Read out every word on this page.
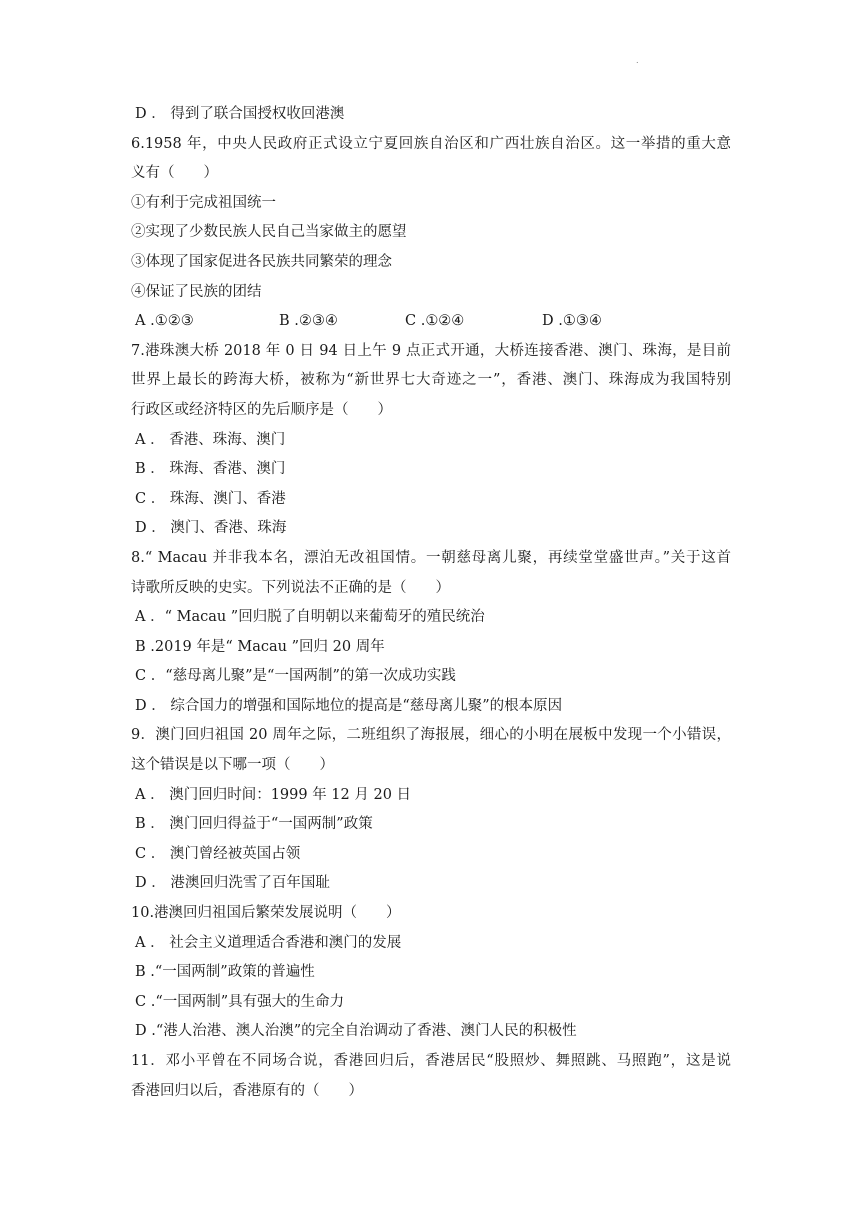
.
D ． 得到了联合国授权收回港澳
6.1958 年，中央人民政府正式设立宁夏回族自治区和广西壮族自治区。这一举措的重大意
义有（　　）
①有利于完成祖国统一
②实现了少数民族人民自己当家做主的愿望
③体现了国家促进各民族共同繁荣的理念
④保证了民族的团结
A .①②③	B .②③④	C .①②④	D .①③④
7.港珠澳大桥 2018 年 0 日 94 日上午 9 点正式开通，大桥连接香港、澳门、珠海，是目前
世界上最长的跨海大桥，被称为“新世界七大奇迹之一”，香港、澳门、珠海成为我国特别
行政区或经济特区的先后顺序是（　　）
A ． 香港、珠海、澳门
B ． 珠海、香港、澳门
C ． 珠海、澳门、香港
D ． 澳门、香港、珠海
8.“ Macau 并非我本名，漂泊无改祖国情。一朝慈母离儿聚，再续堂堂盛世声。”关于这首
诗歌所反映的史实。下列说法不正确的是（　　）
A ．“ Macau ”回归脱了自明朝以来葡萄牙的殖民统治
B .2019 年是“ Macau ”回归 20 周年
C ．“慈母离儿聚”是“一国两制”的第一次成功实践
D ． 综合国力的增强和国际地位的提高是“慈母离儿聚”的根本原因
9．澳门回归祖国 20 周年之际，二班组织了海报展，细心的小明在展板中发现一个小错误，
这个错误是以下哪一项（　　）
A ． 澳门回归时间：1999 年 12 月 20 日
B ． 澳门回归得益于“一国两制”政策
C ． 澳门曾经被英国占领
D ． 港澳回归洗雪了百年国耻
10.港澳回归祖国后繁荣发展说明（　　）
A ． 社会主义道理适合香港和澳门的发展
B .“一国两制”政策的普遍性
C .“一国两制”具有强大的生命力
D .“港人治港、澳人治澳”的完全自治调动了香港、澳门人民的积极性
11．邓小平曾在不同场合说，香港回归后，香港居民“股照炒、舞照跳、马照跑”，这是说
香港回归以后，香港原有的（　　）
